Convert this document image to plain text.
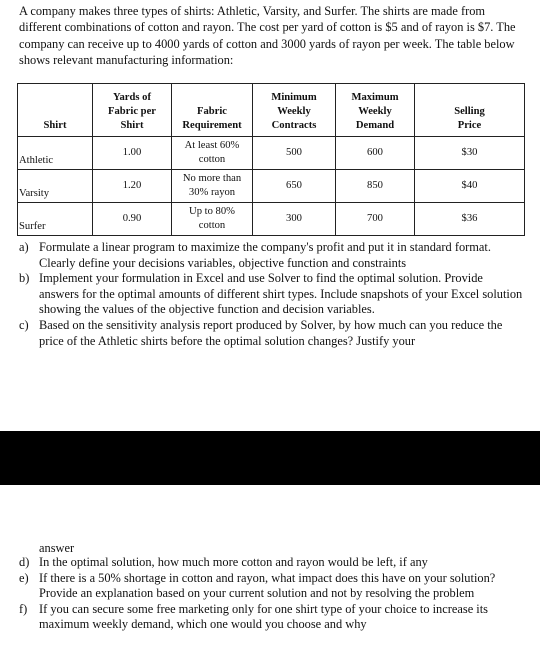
A company makes three types of shirts: Athletic, Varsity, and Surfer. The shirts are made from different combinations of cotton and rayon. The cost per yard of cotton is $5 and of rayon is $7. The company can receive up to 4000 yards of cotton and 3000 yards of rayon per week. The table below shows relevant manufacturing information:

Shirt	Yards of Fabric per Shirt	Fabric Requirement	Minimum Weekly Contracts	Maximum Weekly Demand	Selling Price

Athletic	1.00	At least 60% cotton	500	600	$30
Varsity	1.20	No more than 30% rayon	650	850	$40
Surfer	0.90	Up to 80% cotton	300	700	$36
a) Formulate a linear program to maximize the company's profit and put it in standard format. Clearly define your decisions variables, objective function and constraints
b) Implement your formulation in Excel and use Solver to find the optimal solution. Provide answers for the optimal amounts of different shirt types. Include snapshots of your Excel solution showing the values of the objective function and decision variables.
c) Based on the sensitivity analysis report produced by Solver, by how much can you reduce the price of the Athletic shirts before the optimal solution changes? Justify your

answer

d) In the optimal solution, how much more cotton and rayon would be left, if any
e) If there is a 50% shortage in cotton and rayon, what impact does this have on your solution? Provide an explanation based on your current solution and not by resolving the problem
f) If you can secure some free marketing only for one shirt type of your choice to increase its maximum weekly demand, which one would you choose and why
